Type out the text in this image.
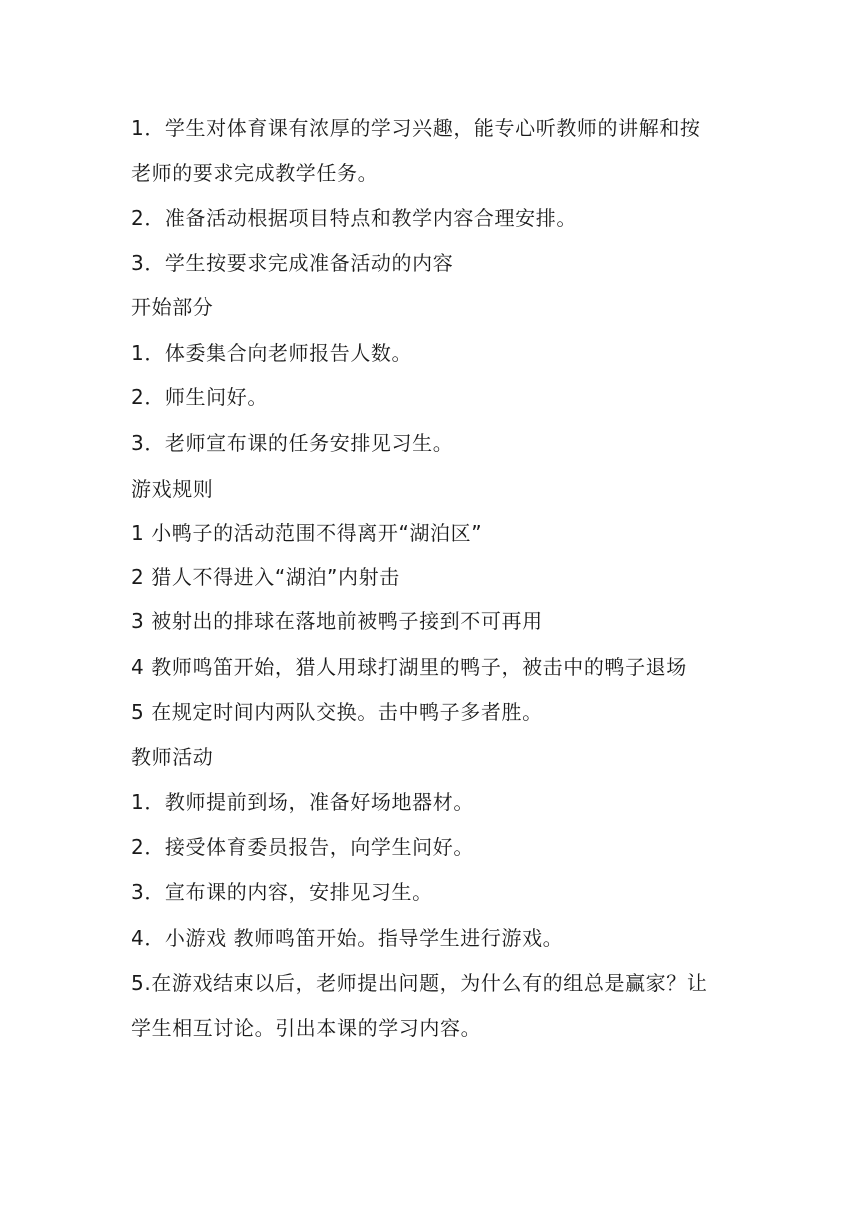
1．学生对体育课有浓厚的学习兴趣，能专心听教师的讲解和按
老师的要求完成教学任务。
2．准备活动根据项目特点和教学内容合理安排。
3．学生按要求完成准备活动的内容
开始部分
1．体委集合向老师报告人数。
2．师生问好。
3．老师宣布课的任务安排见习生。
游戏规则
1 小鸭子的活动范围不得离开“湖泊区”
2 猎人不得进入“湖泊”内射击
3 被射出的排球在落地前被鸭子接到不可再用
4 教师鸣笛开始，猎人用球打湖里的鸭子，被击中的鸭子退场
5 在规定时间内两队交换。击中鸭子多者胜。
教师活动
1．教师提前到场，准备好场地器材。
2．接受体育委员报告，向学生问好。
3．宣布课的内容，安排见习生。
4．小游戏 教师鸣笛开始。指导学生进行游戏。
5.在游戏结束以后，老师提出问题，为什么有的组总是赢家？让
学生相互讨论。引出本课的学习内容。
